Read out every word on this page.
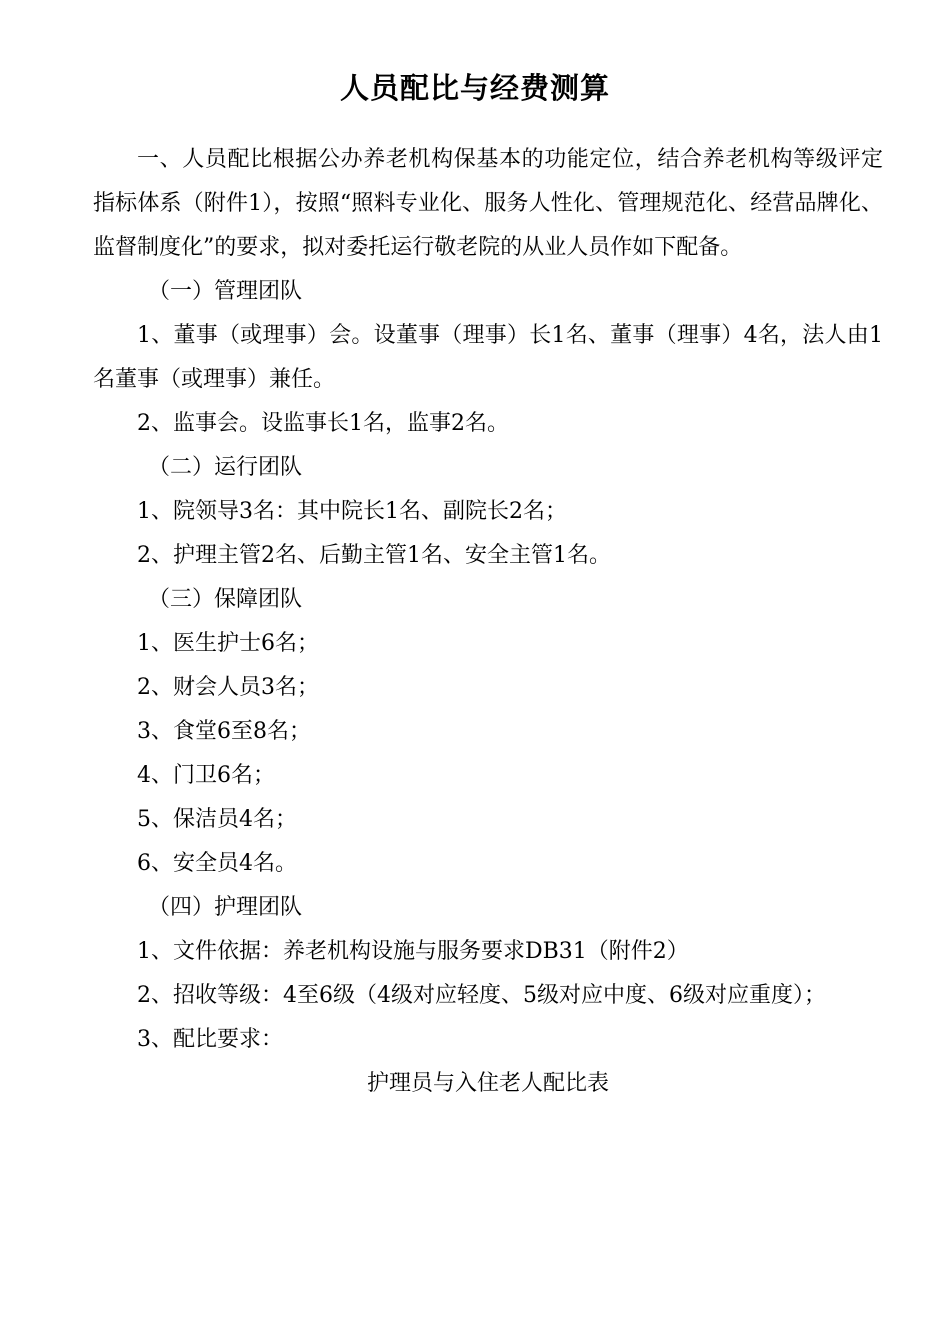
人员配比与经费测算

一、人员配比根据公办养老机构保基本的功能定位，结合养老机构等级评定指标体系（附件1），按照“照料专业化、服务人性化、管理规范化、经营品牌化、监督制度化”的要求，拟对委托运行敬老院的从业人员作如下配备。

（一）管理团队

1、董事（或理事）会。设董事（理事）长1名、董事（理事）4名，法人由1名董事（或理事）兼任。

2、监事会。设监事长1名，监事2名。

（二）运行团队

1、院领导3名：其中院长1名、副院长2名；

2、护理主管2名、后勤主管1名、安全主管1名。

（三）保障团队

1、医生护士6名；

2、财会人员3名；

3、食堂6至8名；

4、门卫6名；

5、保洁员4名；

6、安全员4名。

（四）护理团队

1、文件依据：养老机构设施与服务要求DB31（附件2）

2、招收等级：4至6级（4级对应轻度、5级对应中度、6级对应重度）；

3、配比要求：

护理员与入住老人配比表
